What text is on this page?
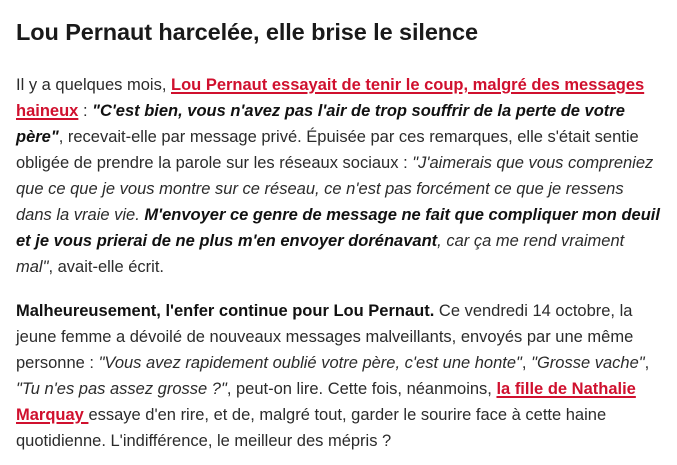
Lou Pernaut harcelée, elle brise le silence

Il y a quelques mois, Lou Pernaut essayait de tenir le coup, malgré des messages haineux : "C'est bien, vous n'avez pas l'air de trop souffrir de la perte de votre père", recevait-elle par message privé. Épuisée par ces remarques, elle s'était sentie obligée de prendre la parole sur les réseaux sociaux : "J'aimerais que vous compreniez que ce que je vous montre sur ce réseau, ce n'est pas forcément ce que je ressens dans la vraie vie. M'envoyer ce genre de message ne fait que compliquer mon deuil et je vous prierai de ne plus m'en envoyer dorénavant, car ça me rend vraiment mal", avait-elle écrit.

Malheureusement, l'enfer continue pour Lou Pernaut. Ce vendredi 14 octobre, la jeune femme a dévoilé de nouveaux messages malveillants, envoyés par une même personne : "Vous avez rapidement oublié votre père, c'est une honte", "Grosse vache", "Tu n'es pas assez grosse ?", peut-on lire. Cette fois, néanmoins, la fille de Nathalie Marquay essaye d'en rire, et de, malgré tout, garder le sourire face à cette haine quotidienne. L'indifférence, le meilleur des mépris ?
